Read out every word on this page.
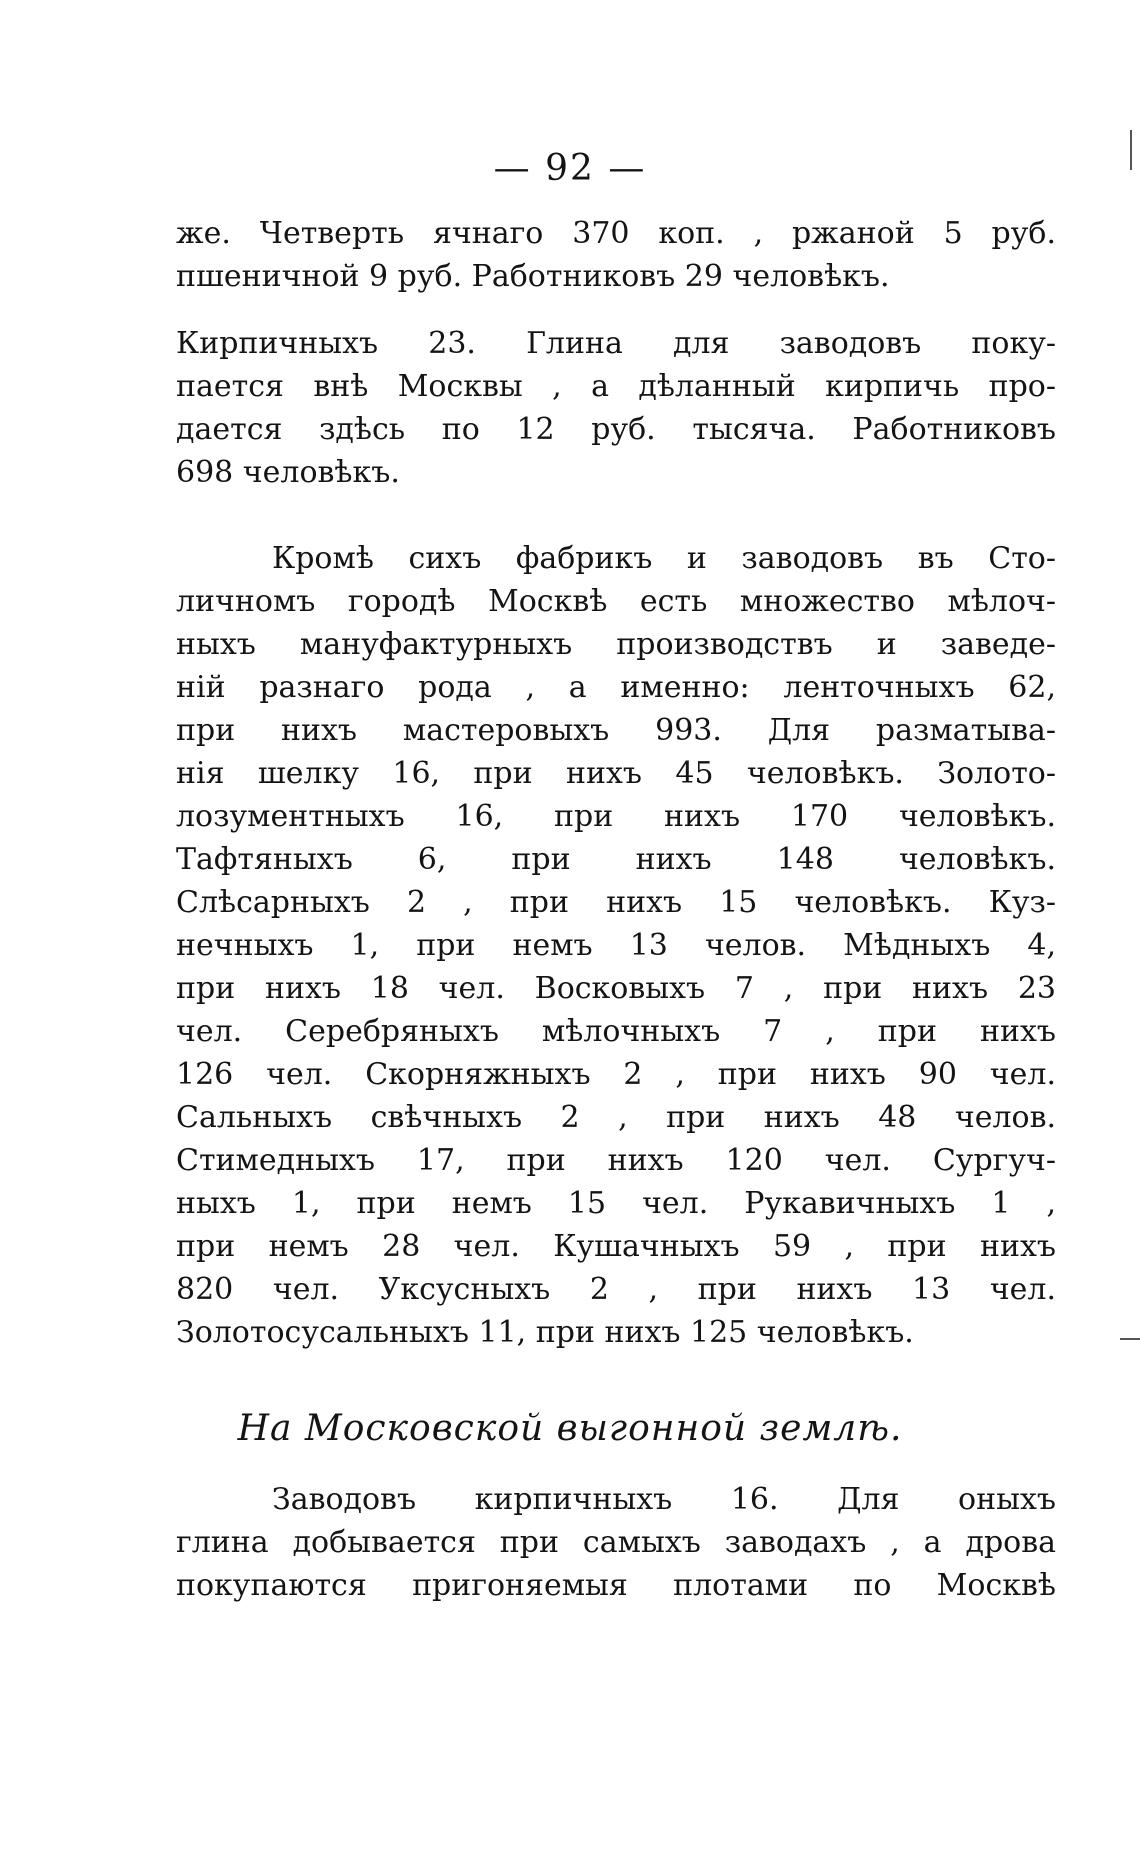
— 92 —
же. Четверть ячнаго 370 коп. , ржаной 5 руб.
пшеничной 9 руб. Работниковъ 29 человѣкъ.
Кирпичныхъ 23. Глина для заводовъ поку-
пается внѣ Москвы , а дѣланный кирпичь про-
дается здѣсь по 12 руб. тысяча. Работниковъ
698 человѣкъ.
Кромѣ сихъ фабрикъ и заводовъ въ Сто-
личномъ городѣ Москвѣ есть множество мѣлоч-
ныхъ мануфактурныхъ производствъ и заведе-
ній разнаго рода , а именно: ленточныхъ 62,
при нихъ мастеровыхъ 993. Для разматыва-
нія шелку 16, при нихъ 45 человѣкъ. Золото-
лозументныхъ 16, при нихъ 170 человѣкъ.
Тафтяныхъ 6, при нихъ 148 человѣкъ.
Слѣсарныхъ 2 , при нихъ 15 человѣкъ. Куз-
нечныхъ 1, при немъ 13 челов. Мѣдныхъ 4,
при нихъ 18 чел. Восковыхъ 7 , при нихъ 23
чел. Серебряныхъ мѣлочныхъ 7 , при нихъ
126 чел. Скорняжныхъ 2 , при нихъ 90 чел.
Сальныхъ свѣчныхъ 2 , при нихъ 48 челов.
Стимедныхъ 17, при нихъ 120 чел. Сургуч-
ныхъ 1, при немъ 15 чел. Рукавичныхъ 1 ,
при немъ 28 чел. Кушачныхъ 59 , при нихъ
820 чел. Уксусныхъ 2 , при нихъ 13 чел.
Золотосусальныхъ 11, при нихъ 125 человѣкъ.
На Московской выгонной землѣ.
Заводовъ кирпичныхъ 16. Для оныхъ
глина добывается при самыхъ заводахъ , а дрова
покупаются пригоняемыя плотами по Москвѣ
